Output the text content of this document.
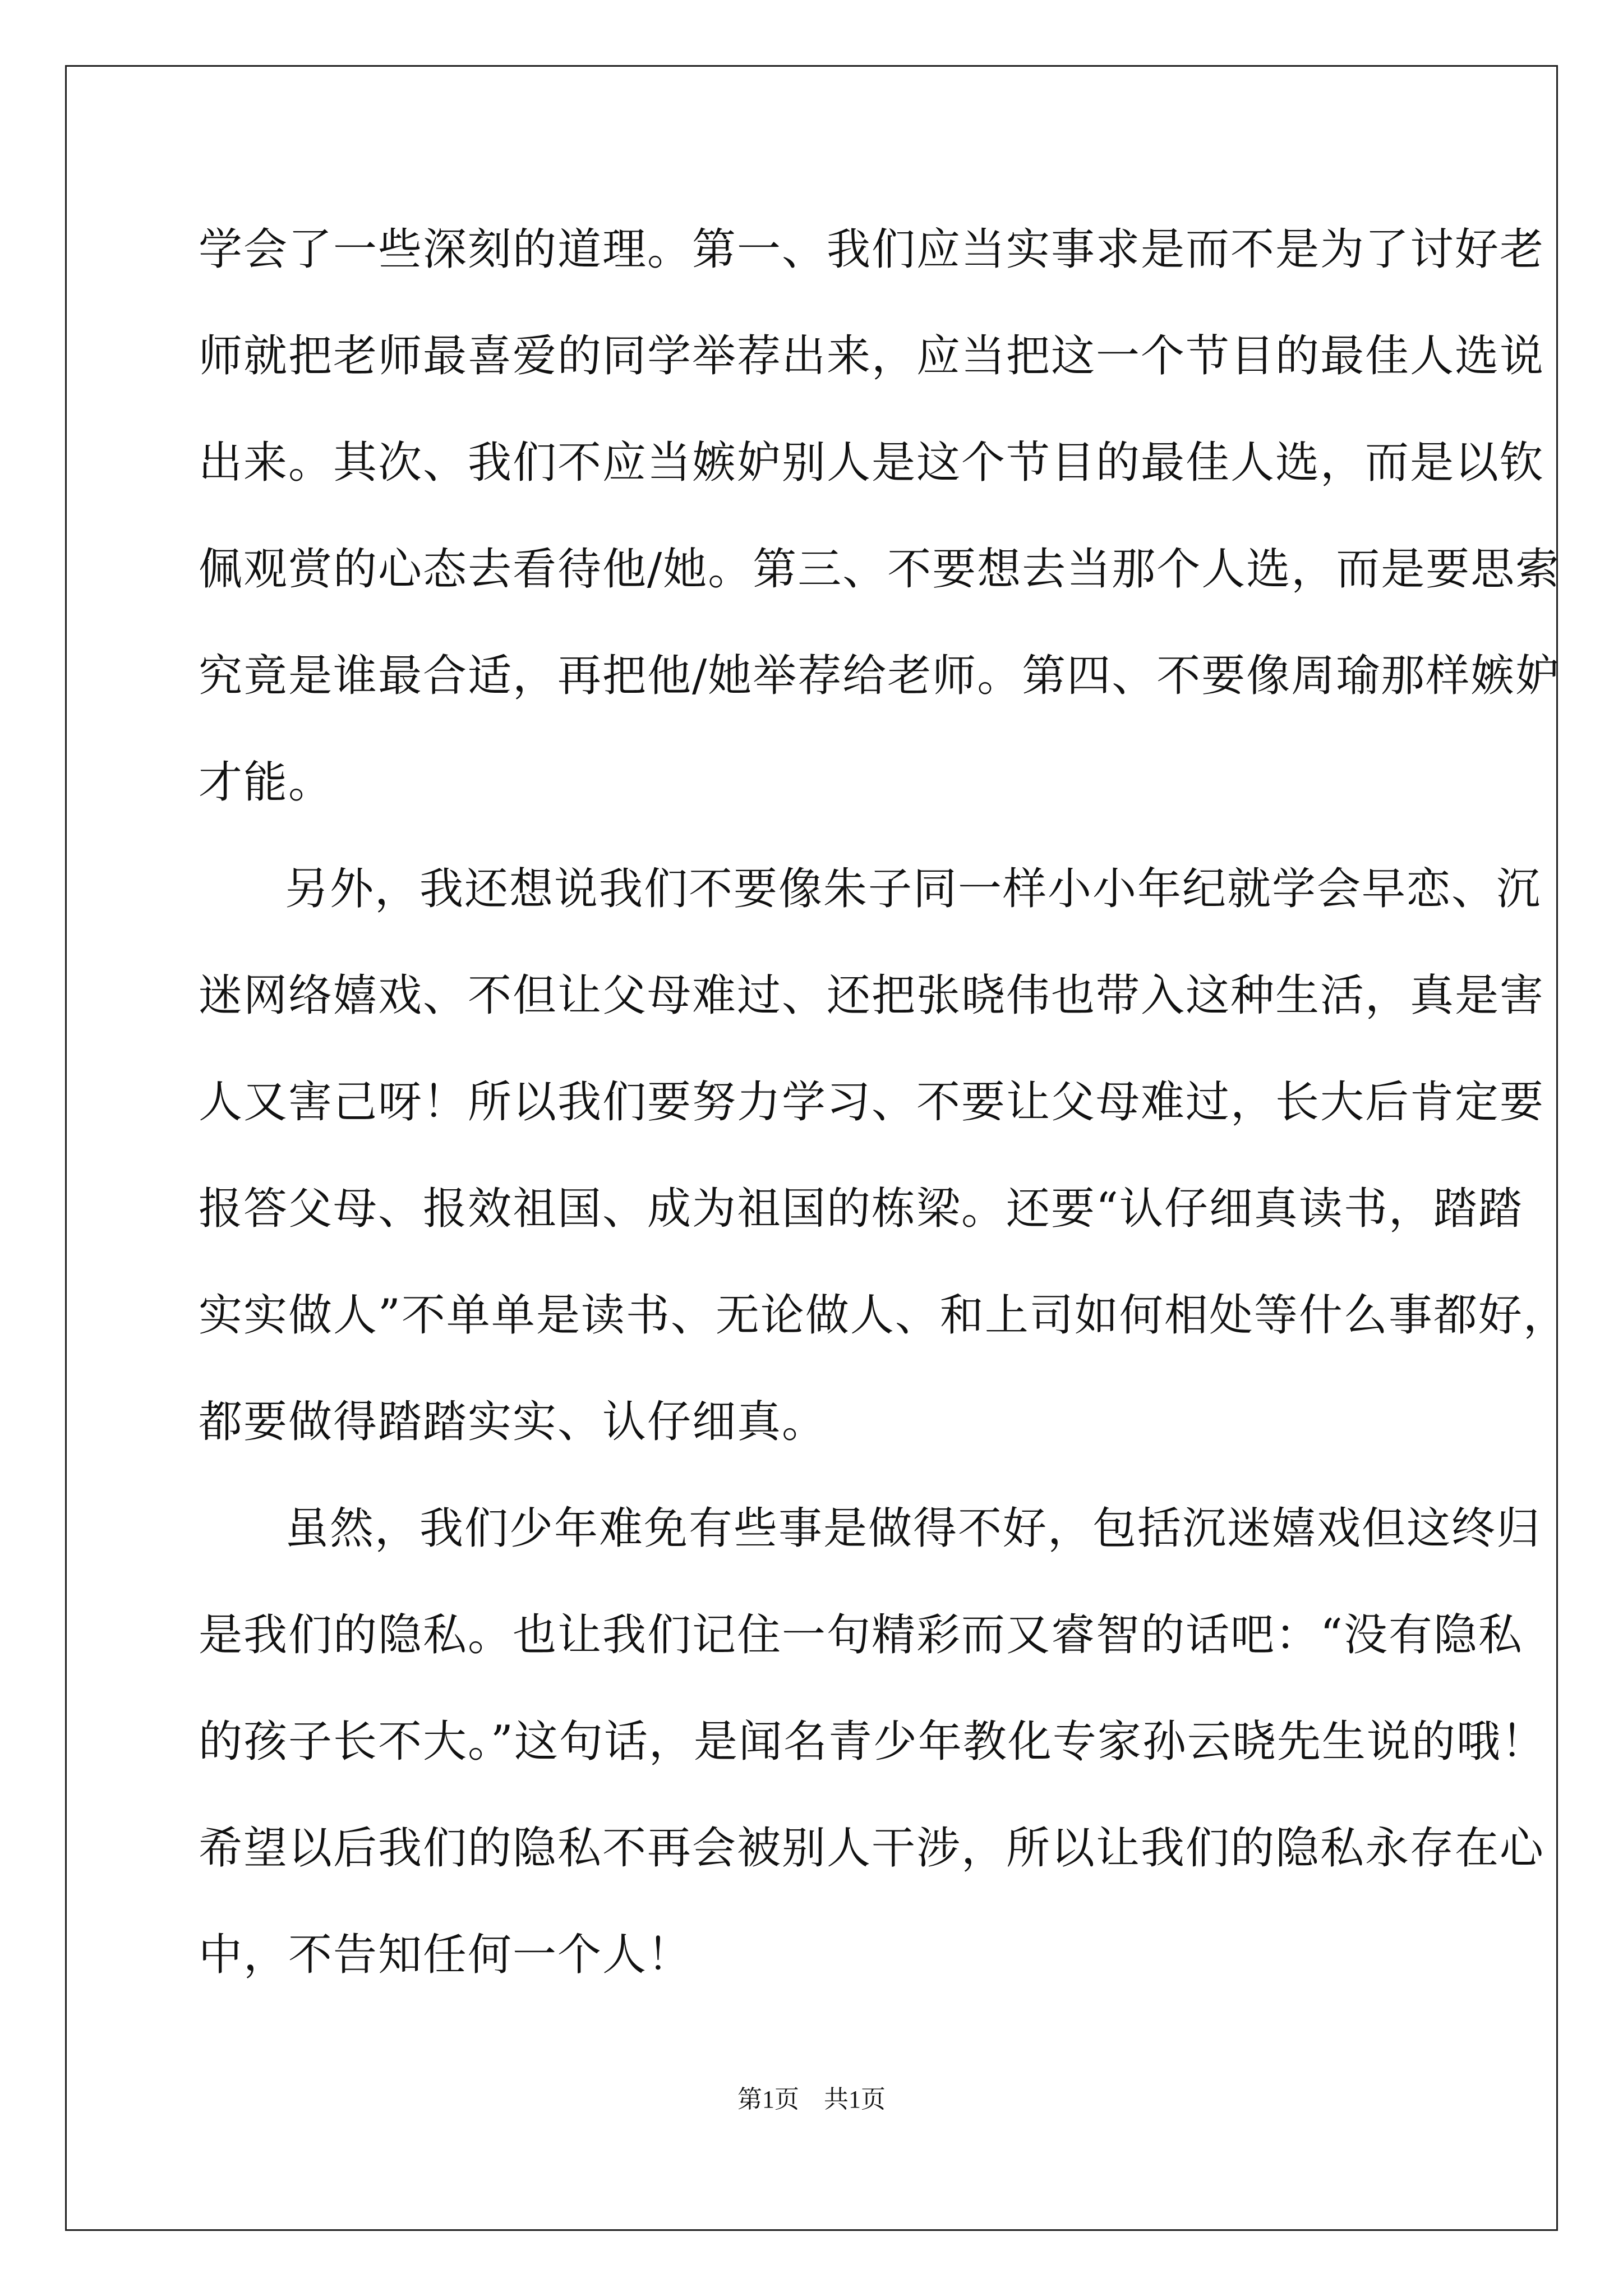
学会了一些深刻的道理。第一、我们应当实事求是而不是为了讨好老
师就把老师最喜爱的同学举荐出来，应当把这一个节目的最佳人选说
出来。其次、我们不应当嫉妒别人是这个节目的最佳人选，而是以钦
佩观赏的心态去看待他/她。第三、不要想去当那个人选，而是要思索
究竟是谁最合适，再把他/她举荐给老师。第四、不要像周瑜那样嫉妒
才能。
另外，我还想说我们不要像朱子同一样小小年纪就学会早恋、沉
迷网络嬉戏、不但让父母难过、还把张晓伟也带入这种生活，真是害
人又害己呀！所以我们要努力学习、不要让父母难过，长大后肯定要
报答父母、报效祖国、成为祖国的栋梁。还要“认仔细真读书，踏踏
实实做人”不单单是读书、无论做人、和上司如何相处等什么事都好，
都要做得踏踏实实、认仔细真。
虽然，我们少年难免有些事是做得不好，包括沉迷嬉戏但这终归
是我们的隐私。也让我们记住一句精彩而又睿智的话吧：“没有隐私
的孩子长不大。”这句话，是闻名青少年教化专家孙云晓先生说的哦！
希望以后我们的隐私不再会被别人干涉，所以让我们的隐私永存在心
中，不告知任何一个人！
第1页　共1页
